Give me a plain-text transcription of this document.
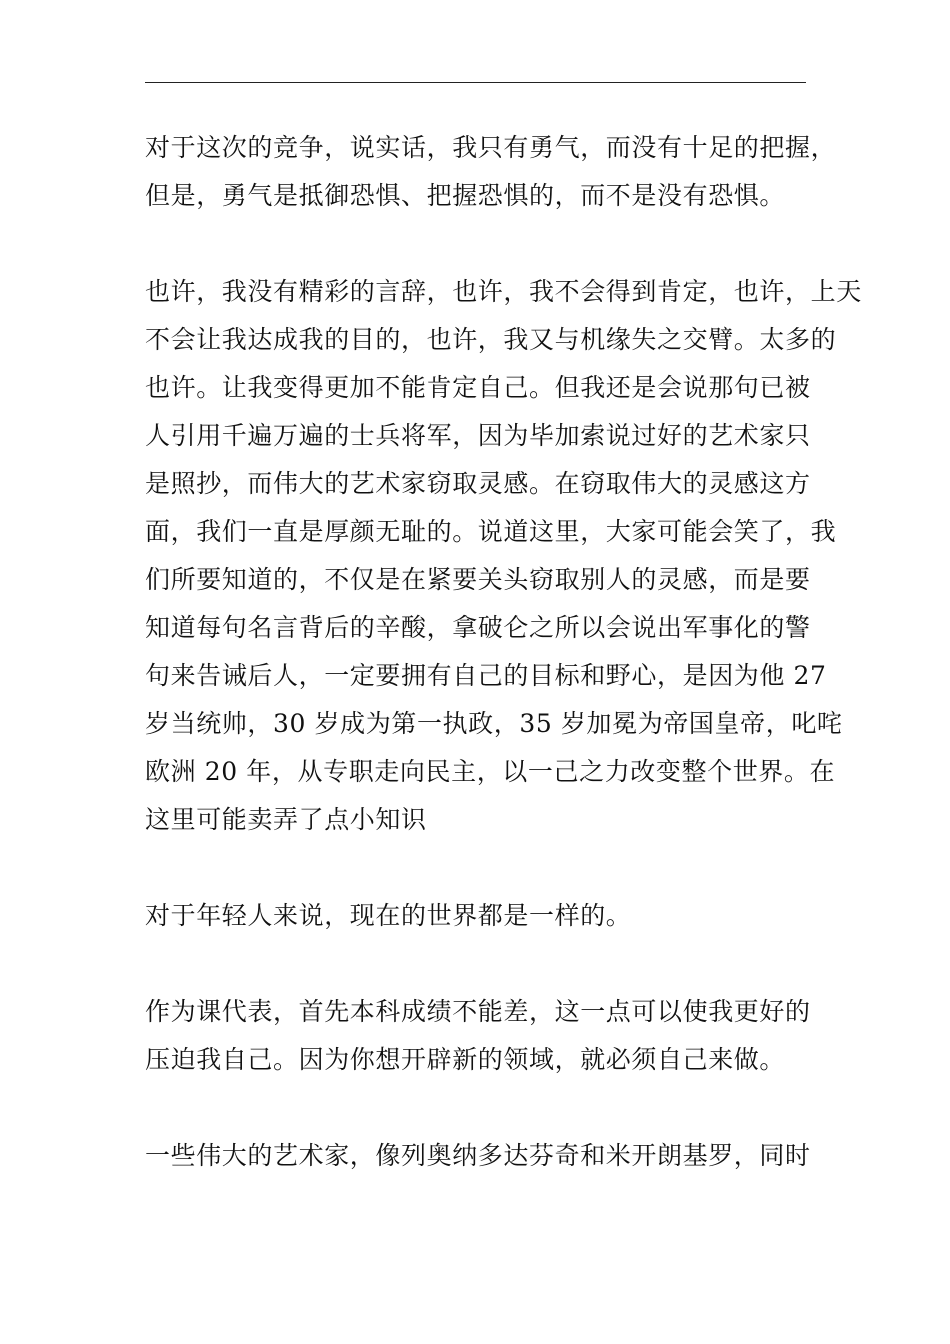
对于这次的竞争，说实话，我只有勇气，而没有十足的把握，
但是，勇气是抵御恐惧、把握恐惧的，而不是没有恐惧。

也许，我没有精彩的言辞，也许，我不会得到肯定，也许，上天
不会让我达成我的目的，也许，我又与机缘失之交臂。太多的
也许。让我变得更加不能肯定自己。但我还是会说那句已被
人引用千遍万遍的士兵将军，因为毕加索说过好的艺术家只
是照抄，而伟大的艺术家窃取灵感。在窃取伟大的灵感这方
面，我们一直是厚颜无耻的。说道这里，大家可能会笑了，我
们所要知道的，不仅是在紧要关头窃取别人的灵感，而是要
知道每句名言背后的辛酸，拿破仑之所以会说出军事化的警
句来告诫后人，一定要拥有自己的目标和野心，是因为他 27
岁当统帅，30 岁成为第一执政，35 岁加冕为帝国皇帝，叱咤
欧洲 20 年，从专职走向民主，以一己之力改变整个世界。在
这里可能卖弄了点小知识

对于年轻人来说，现在的世界都是一样的。

作为课代表，首先本科成绩不能差，这一点可以使我更好的
压迫我自己。因为你想开辟新的领域，就必须自己来做。

一些伟大的艺术家，像列奥纳多达芬奇和米开朗基罗，同时
